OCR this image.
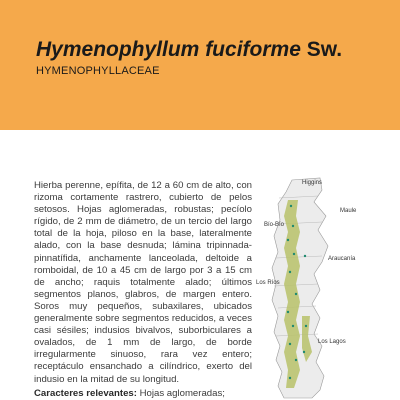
Hymenophyllum fuciforme Sw.
HYMENOPHYLLACEAE
Hierba perenne, epífita, de 12 a 60 cm de alto, con rizoma cortamente rastrero, cubierto de pelos setosos. Hojas aglomeradas, robustas; pecíolo rígido, de 2 mm de diámetro, de un tercio del largo total de la hoja, piloso en la base, lateralmente alado, con la base desnuda; lámina tripinnada-pinnatífida, anchamente lanceolada, deltoide a romboidal, de 10 a 45 cm de largo por 3 a 15 cm de ancho; raquis totalmente alado; últimos segmentos planos, glabros, de margen entero. Soros muy pequeños, subaxilares, ubicados generalmente sobre segmentos reducidos, a veces casi sésiles; indusios bivalvos, suborbiculares a ovalados, de 1 mm de largo, de borde irregularmente sinuoso, rara vez entero; receptáculo ensanchado a cilíndrico, exerto del indusio en la mitad de su longitud.
Caracteres relevantes: Hojas aglomeradas;
Higgins
Maule
Bío-Bío
Araucanía
Los Ríos
Los Lagos
